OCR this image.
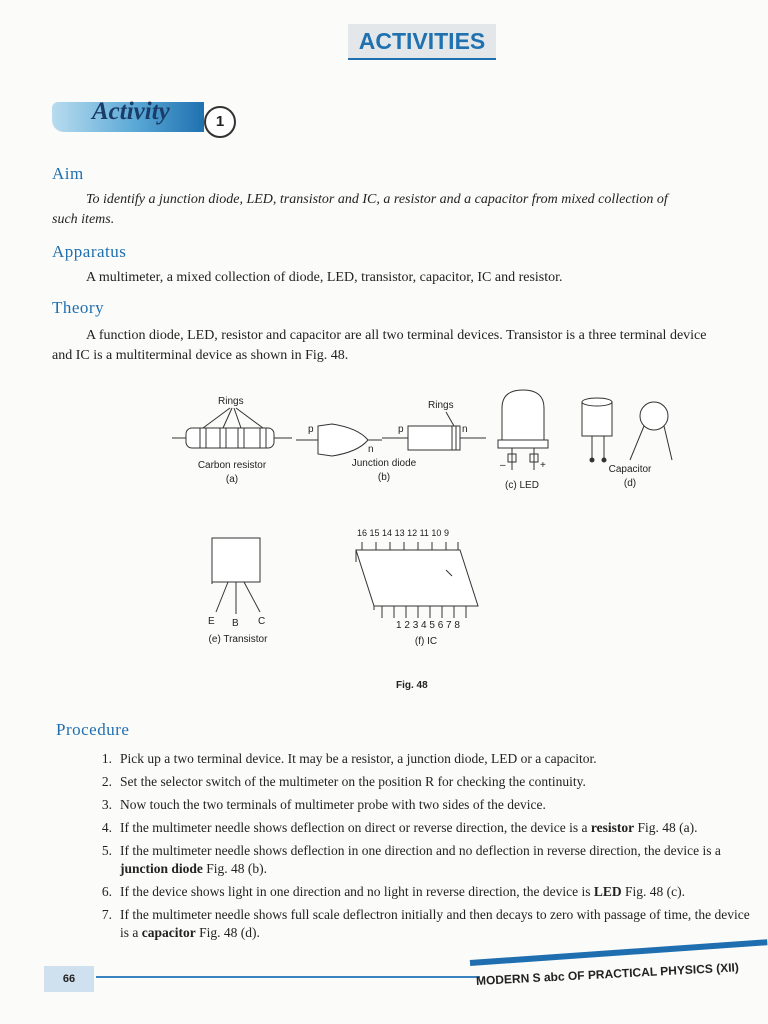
ACTIVITIES
Activity	1
Aim
To identify a junction diode, LED, transistor and IC, a resistor and a capacitor from mixed collection of
such items.
Apparatus
A multimeter, a mixed collection of diode, LED, transistor, capacitor, IC and resistor.
Theory
A function diode, LED, resistor and capacitor are all two terminal devices. Transistor is a three terminal device
and IC is a multiterminal device as shown in Fig. 48.
Rings
Carbon resistor
(a)
p
n
p	n
Rings
Junction diode
(b)
–	+
(c) LED
Capacitor
(d)
E B C
(e) Transistor
16 15 14 13 12 11 10 9
1 2 3 4 5 6 7 8
(f) IC
Fig. 48
Procedure
1. Pick up a two terminal device. It may be a resistor, a junction diode, LED or a capacitor.
2. Set the selector switch of the multimeter on the position R for checking the continuity.
3. Now touch the two terminals of multimeter probe with two sides of the device.
4. If the multimeter needle shows deflection on direct or reverse direction, the device is a resistor Fig. 48 (a).
5. If the multimeter needle shows deflection in one direction and no deflection in reverse direction, the device is a junction diode Fig. 48 (b).
6. If the device shows light in one direction and no light in reverse direction, the device is LED Fig. 48 (c).
7. If the multimeter needle shows full scale deflectron initially and then decays to zero with passage of time, the device is a capacitor Fig. 48 (d).
66	MODERN S abc OF PRACTICAL PHYSICS (XII)
